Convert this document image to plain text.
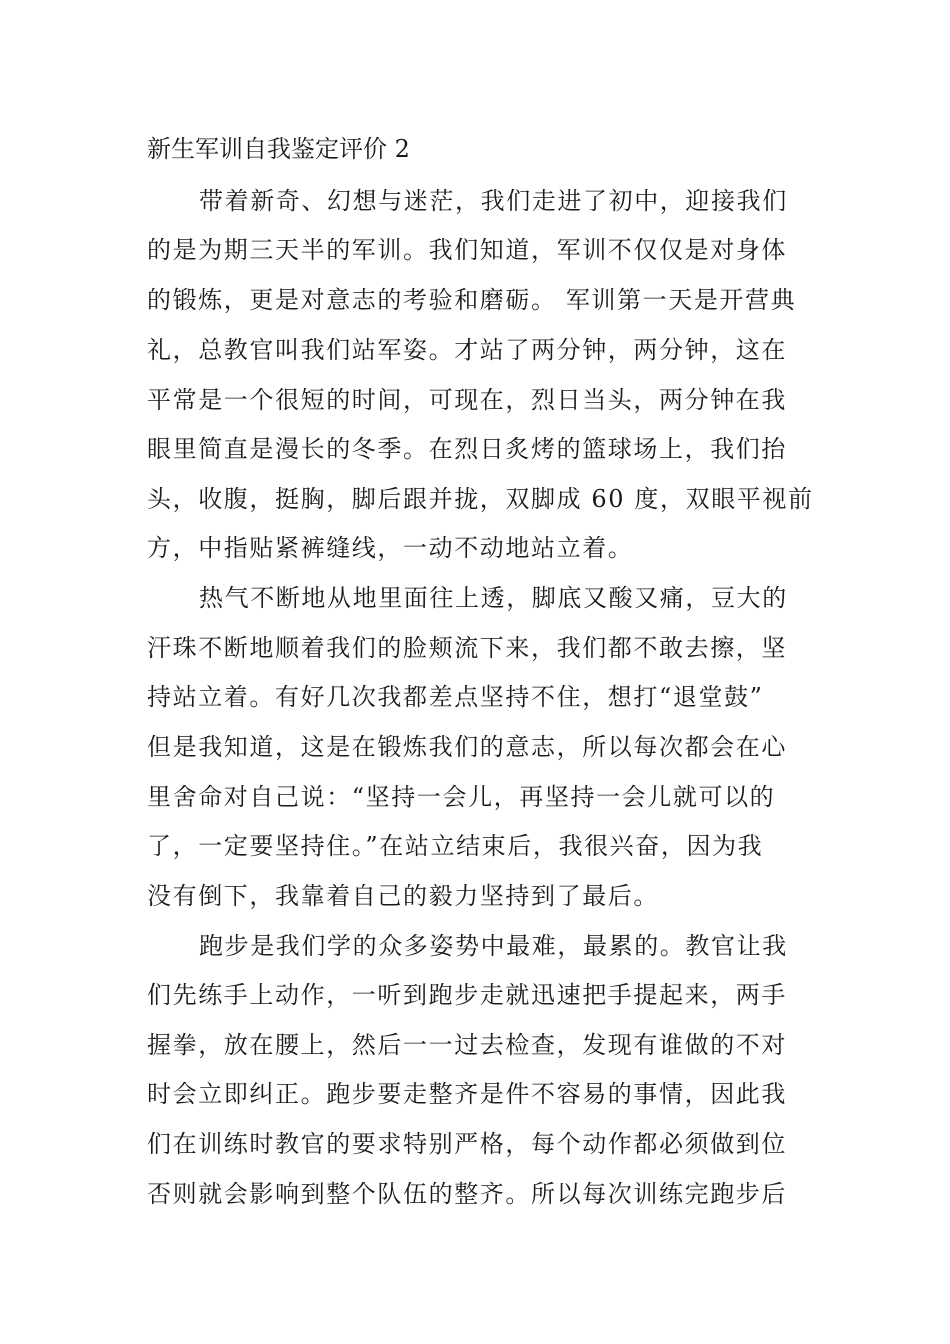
新生军训自我鉴定评价 2
带着新奇、幻想与迷茫，我们走进了初中，迎接我们
的是为期三天半的军训。我们知道，军训不仅仅是对身体
的锻炼，更是对意志的考验和磨砺。 军训第一天是开营典
礼，总教官叫我们站军姿。才站了两分钟，两分钟，这在
平常是一个很短的时间，可现在，烈日当头，两分钟在我
眼里简直是漫长的冬季。在烈日炙烤的篮球场上，我们抬
头，收腹，挺胸，脚后跟并拢，双脚成 60 度，双眼平视前
方，中指贴紧裤缝线，一动不动地站立着。
热气不断地从地里面往上透，脚底又酸又痛，豆大的
汗珠不断地顺着我们的脸颊流下来，我们都不敢去擦，坚
持站立着。有好几次我都差点坚持不住，想打“退堂鼓”
但是我知道，这是在锻炼我们的意志，所以每次都会在心
里舍命对自己说：“坚持一会儿，再坚持一会儿就可以的
了，一定要坚持住。”在站立结束后，我很兴奋，因为我
没有倒下，我靠着自己的毅力坚持到了最后。
跑步是我们学的众多姿势中最难，最累的。教官让我
们先练手上动作，一听到跑步走就迅速把手提起来，两手
握拳，放在腰上，然后一一过去检查，发现有谁做的不对
时会立即纠正。跑步要走整齐是件不容易的事情，因此我
们在训练时教官的要求特别严格，每个动作都必须做到位
否则就会影响到整个队伍的整齐。所以每次训练完跑步后
